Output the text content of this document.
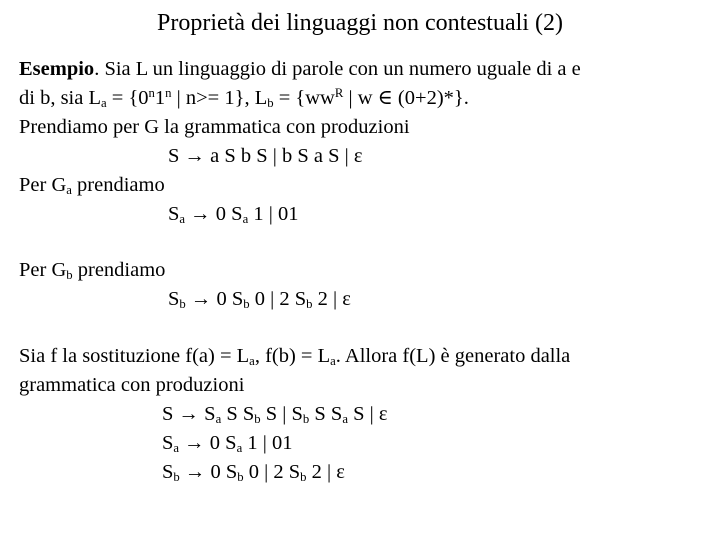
Proprietà dei linguaggi non contestuali (2)
Esempio. Sia L un linguaggio di parole con un numero uguale di a e
di b, sia $L_a = \{0^n1^n$ | n>= 1}, $L_b = \{ww^R$ | w ∈ (0+2)*}.
Prendiamo per G la grammatica con produzioni
S → a S b S | b S a S | ε
Per $G_a$ prendiamo
$S_a \to 0$ $S_a$ 1 | 01
Per $G_b$ prendiamo
$S_b \to 0$ $S_b$ 0 | 2 $S_b$ 2 | ε
Sia f la sostituzione $f(a) = L_a$, $f(b) = L_a$. Allora f(L) è generato dalla
grammatica con produzioni
$S \to S_a$ S $S_b$ S | $S_b$ S $S_a$ S | ε
$S_a \to 0$ $S_a$ 1 | 01
$S_b \to 0$ $S_b$ 0 | 2 $S_b$ 2 | ε
